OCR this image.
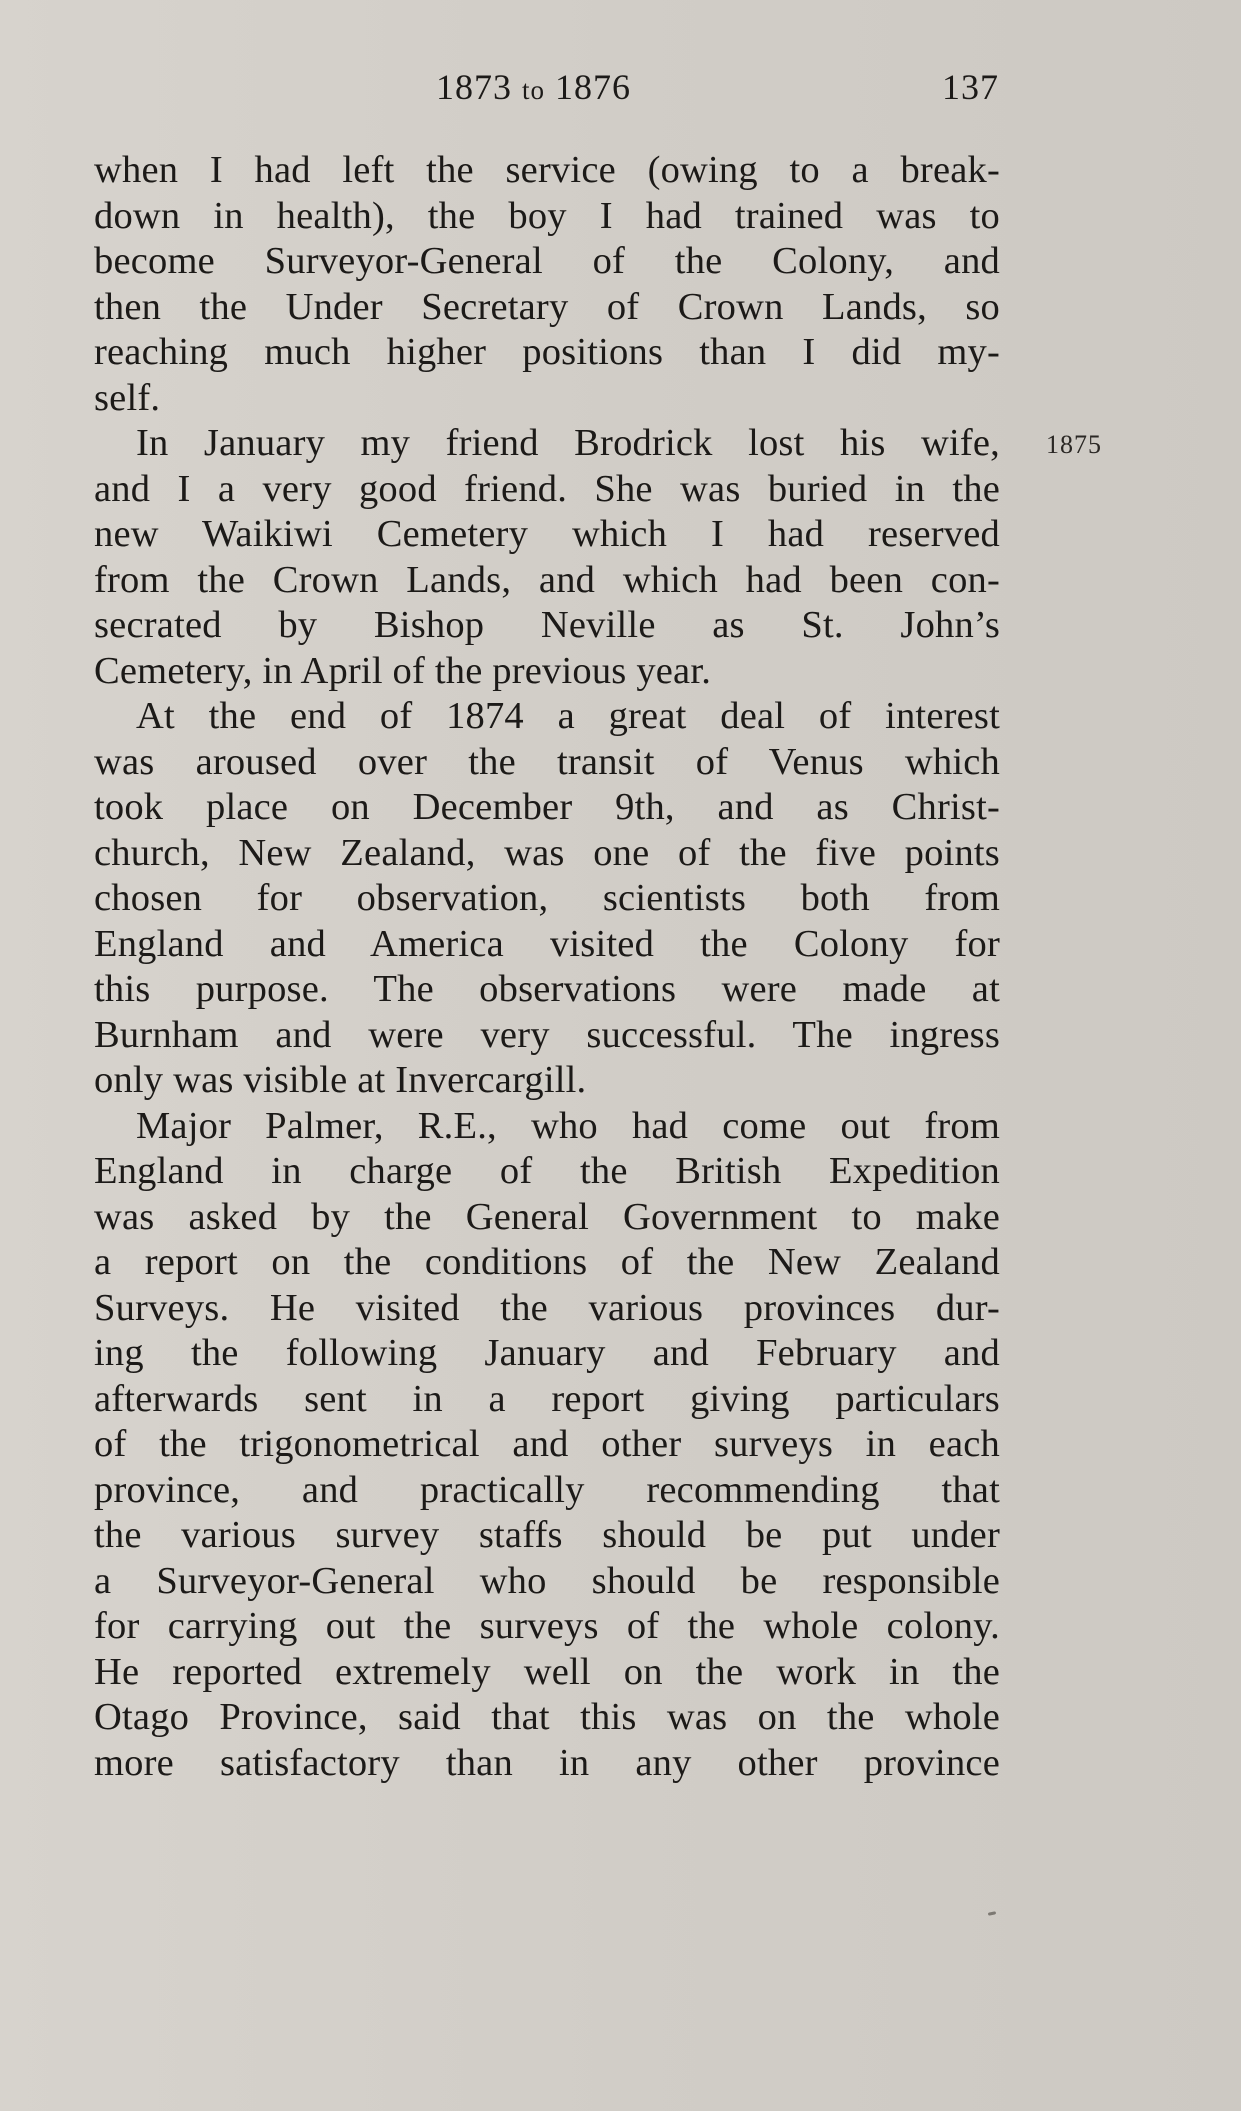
1873 to 1876	137
1875
when I had left the service (owing to a break-
down in health), the boy I had trained was to
become Surveyor-General of the Colony, and
then the Under Secretary of Crown Lands, so
reaching much higher positions than I did my-
self.
In January my friend Brodrick lost his wife,
and I a very good friend. She was buried in the
new Waikiwi Cemetery which I had reserved
from the Crown Lands, and which had been con-
secrated by Bishop Neville as St. John’s
Cemetery, in April of the previous year.
At the end of 1874 a great deal of interest
was aroused over the transit of Venus which
took place on December 9th, and as Christ-
church, New Zealand, was one of the five points
chosen for observation, scientists both from
England and America visited the Colony for
this purpose. The observations were made at
Burnham and were very successful. The ingress
only was visible at Invercargill.
Major Palmer, R.E., who had come out from
England in charge of the British Expedition
was asked by the General Government to make
a report on the conditions of the New Zealand
Surveys. He visited the various provinces dur-
ing the following January and February and
afterwards sent in a report giving particulars
of the trigonometrical and other surveys in each
province, and practically recommending that
the various survey staffs should be put under
a Surveyor-General who should be responsible
for carrying out the surveys of the whole colony.
He reported extremely well on the work in the
Otago Province, said that this was on the whole
more satisfactory than in any other province
